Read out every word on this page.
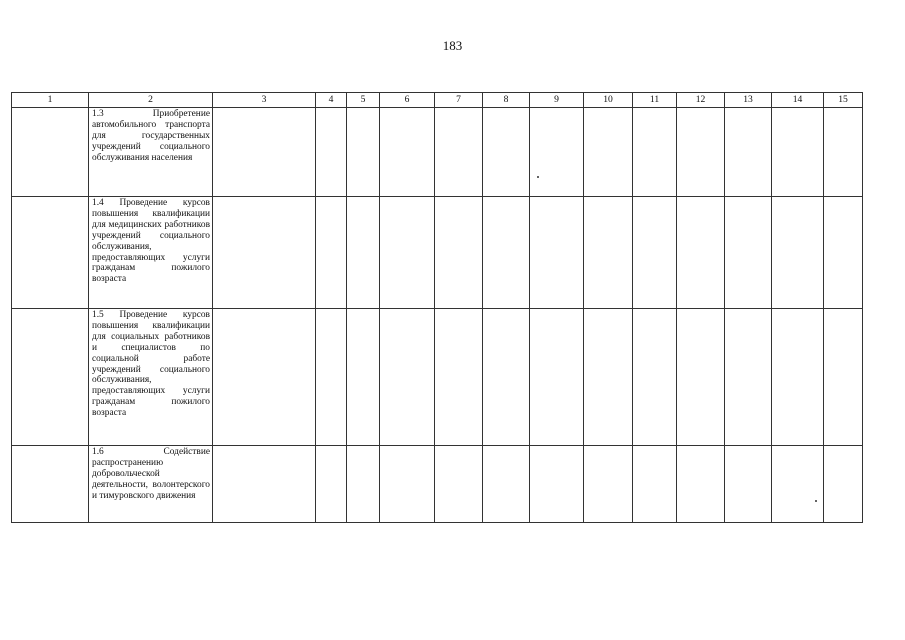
183
1	2	3	4	5	6	7	8	9	10	11	12	13	14	15

	1.3 Приобретение автомобильного транспорта для государственных учреждений социального обслуживания населения													

	1.4 Проведение курсов повышения квалификации для медицинских работников учреждений социального обслуживания, предоставляющих услуги гражданам пожилого возраста													

	1.5 Проведение курсов повышения квалификации для социальных работников и специалистов по социальной работе учреждений социального обслуживания, предоставляющих услуги гражданам пожилого возраста													

	1.6 Содействие распространению добровольческой деятельности, волонтерского и тимуровского движения													
